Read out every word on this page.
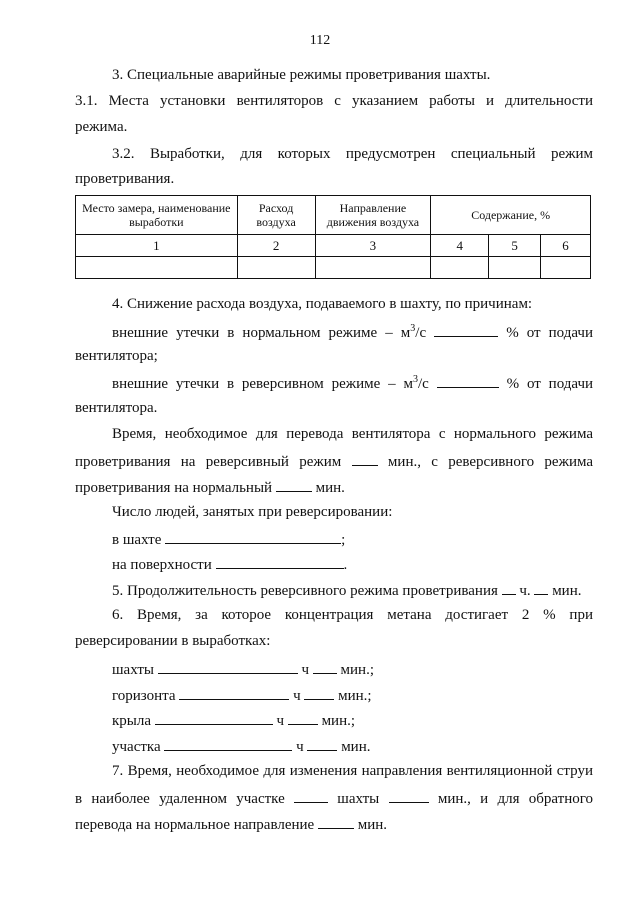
112
3. Специальные аварийные режимы проветривания шахты.
3.1. Места установки вентиляторов с указанием работы и длительности
режима.
3.2. Выработки, для которых предусмотрен специальный режим
проветривания.
Место замера, наименование выработки	Расход воздуха	Направление движения воздуха	Содержание, %		
1	2	3	4	5	6

4. Снижение расхода воздуха, подаваемого в шахту, по причинам:
внешние утечки в нормальном режиме – $м^3/с$	% от подачи
вентилятора;
внешние утечки в реверсивном режиме – $м^3/с$	% от подачи
вентилятора.
Время, необходимое для перевода вентилятора с нормального режима
проветривания на реверсивный режим	мин., с реверсивного режима
проветривания на нормальный	мин.
Число людей, занятых при реверсировании:
в шахте	;
на поверхности	.
5. Продолжительность реверсивного режима проветривания ч. мин.
6. Время, за которое концентрация метана достигает 2 % при
реверсировании в выработках:
шахты	ч мин.;
горизонта	ч	мин.;
крыла	ч	мин.;
участка	ч	мин.
7. Время, необходимое для изменения направления вентиляционной струи
в наиболее удаленном участке	шахты	мин., и для обратного
перевода на нормальное направление	мин.
